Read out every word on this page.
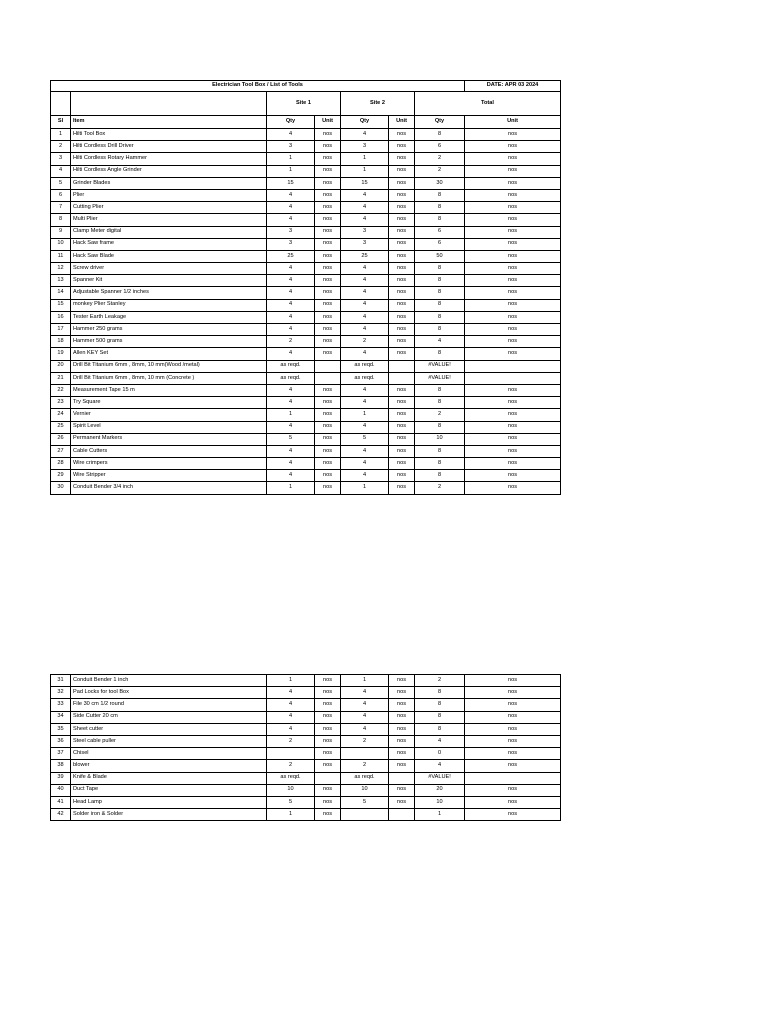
Electrician Tool Box / List of Tools							DATE: APR 03 2024
		Site 1		Site 2		Total	
Sl	Item	Qty	Unit	Qty	Unit	Qty	Unit
1	Hilti Tool Box	4	nos	4	nos	8	nos
2	Hilti Cordless Drill Driver	3	nos	3	nos	6	nos
3	Hilti Cordless Rotary Hammer	1	nos	1	nos	2	nos
4	Hilti Cordless Angle Grinder	1	nos	1	nos	2	nos
5	Grinder Blades	15	nos	15	nos	30	nos
6	Plier	4	nos	4	nos	8	nos
7	Cutting Plier	4	nos	4	nos	8	nos
8	Multi Plier	4	nos	4	nos	8	nos
9	Clamp Meter digital	3	nos	3	nos	6	nos
10	Hack Saw frame	3	nos	3	nos	6	nos
11	Hack Saw Blade	25	nos	25	nos	50	nos
12	Screw driver	4	nos	4	nos	8	nos
13	Spanner Kit	4	nos	4	nos	8	nos
14	Adjustable Spanner 1/2 inches	4	nos	4	nos	8	nos
15	monkey Plier Stanley	4	nos	4	nos	8	nos
16	Tester Earth Leakage	4	nos	4	nos	8	nos
17	Hammer 250 grams	4	nos	4	nos	8	nos
18	Hammer 500 grams	2	nos	2	nos	4	nos
19	Allen KEY Set	4	nos	4	nos	8	nos
20	Drill Bit Titanium 6mm , 8mm, 10 mm(Wood /metal)	as reqd.		as reqd.		#VALUE!	
21	Drill Bit Titanium 6mm , 8mm, 10 mm (Concrete )	as reqd.		as reqd.		#VALUE!	
22	Measurement Tape 15 m	4	nos	4	nos	8	nos
23	Try Square	4	nos	4	nos	8	nos
24	Vernier	1	nos	1	nos	2	nos
25	Spirit Level	4	nos	4	nos	8	nos
26	Permanent Markers	5	nos	5	nos	10	nos
27	Cable Cutters	4	nos	4	nos	8	nos
28	Wire crimpers	4	nos	4	nos	8	nos
29	Wire Stripper	4	nos	4	nos	8	nos
30	Conduit Bender 3/4 inch	1	nos	1	nos	2	nos
31	Conduit Bender 1 inch	1	nos	1	nos	2	nos
32	Pad Locks for tool Box	4	nos	4	nos	8	nos
33	File 30 cm 1/2 round	4	nos	4	nos	8	nos
34	Side Cutter 20 cm	4	nos	4	nos	8	nos
35	Sheet cutter	4	nos	4	nos	8	nos
36	Steel cable puller	2	nos	2	nos	4	nos
37	Chisel		nos		nos	0	nos
38	blower	2	nos	2	nos	4	nos
39	Knife & Blade	as reqd.		as reqd.		#VALUE!	
40	Duct Tape	10	nos	10	nos	20	nos
41	Head Lamp	5	nos	5	nos	10	nos
42	Solder iron & Solder	1	nos			1	nos
